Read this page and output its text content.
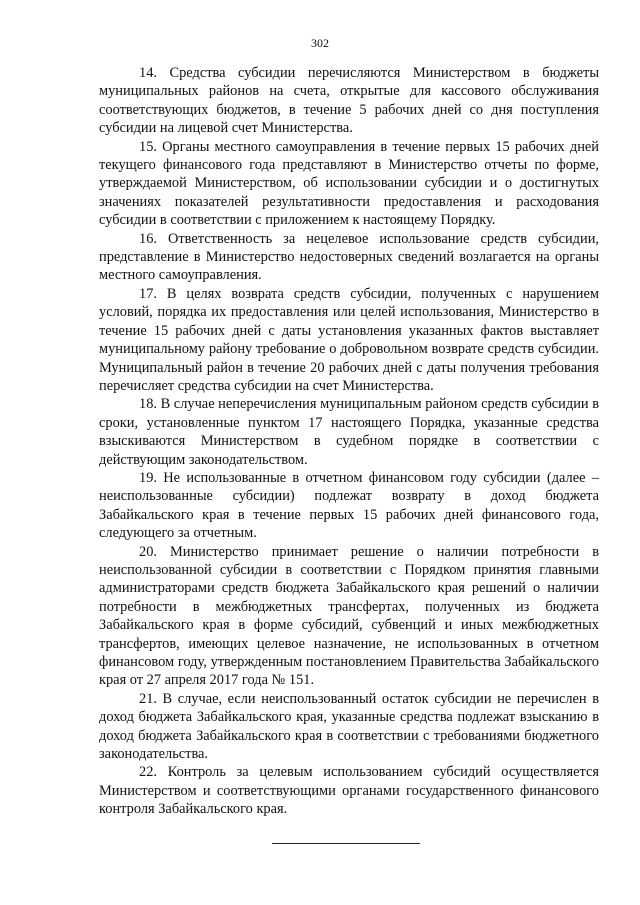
302

14. Средства субсидии перечисляются Министерством в бюджеты муниципальных районов на счета, открытые для кассового обслуживания соответствующих бюджетов, в течение 5 рабочих дней со дня поступления субсидии на лицевой счет Министерства.

15. Органы местного самоуправления в течение первых 15 рабочих дней текущего финансового года представляют в Министерство отчеты по форме, утверждаемой Министерством, об использовании субсидии и о достигнутых значениях показателей результативности предоставления и расходования субсидии в соответствии с приложением к настоящему Порядку.

16. Ответственность за нецелевое использование средств субсидии, представление в Министерство недостоверных сведений возлагается на органы местного самоуправления.

17. В целях возврата средств субсидии, полученных с нарушением условий, порядка их предоставления или целей использования, Министерство в течение 15 рабочих дней с даты установления указанных фактов выставляет муниципальному району требование о добровольном возврате средств субсидии. Муниципальный район в течение 20 рабочих дней с даты получения требования перечисляет средства субсидии на счет Министерства.

18. В случае неперечисления муниципальным районом средств субсидии в сроки, установленные пунктом 17 настоящего Порядка, указанные средства взыскиваются Министерством в судебном порядке в соответствии с действующим законодательством.

19. Не использованные в отчетном финансовом году субсидии (далее – неиспользованные субсидии) подлежат возврату в доход бюджета Забайкальского края в течение первых 15 рабочих дней финансового года, следующего за отчетным.

20. Министерство принимает решение о наличии потребности в неиспользованной субсидии в соответствии с Порядком принятия главными администраторами средств бюджета Забайкальского края решений о наличии потребности в межбюджетных трансфертах, полученных из бюджета Забайкальского края в форме субсидий, субвенций и иных межбюджетных трансфертов, имеющих целевое назначение, не использованных в отчетном финансовом году, утвержденным постановлением Правительства Забайкальского края от 27 апреля 2017 года № 151.

21. В случае, если неиспользованный остаток субсидии не перечислен в доход бюджета Забайкальского края, указанные средства подлежат взысканию в доход бюджета Забайкальского края в соответствии с требованиями бюджетного законодательства.

22. Контроль за целевым использованием субсидий осуществляется Министерством и соответствующими органами государственного финансового контроля Забайкальского края.
